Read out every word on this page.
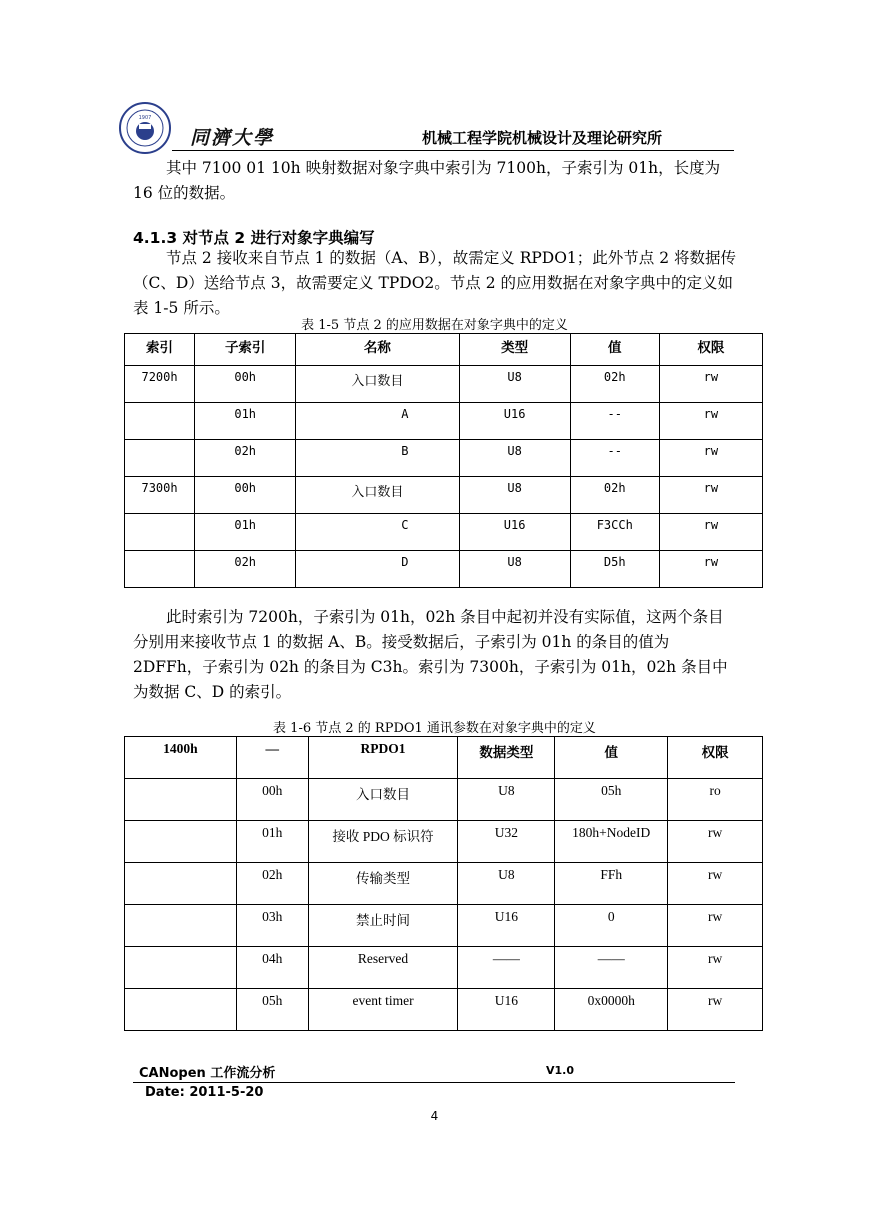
1907
同濟大學	机械工程学院机械设计及理论研究所
其中 7100 01 10h 映射数据对象字典中索引为 7100h，子索引为 01h，长度为 16 位的数据。
4.1.3 对节点 2 进行对象字典编写
节点 2 接收来自节点 1 的数据（A、B），故需定义 RPDO1；此外节点 2 将数据传（C、D）送给节点 3，故需要定义 TPDO2。节点 2 的应用数据在对象字典中的定义如表 1-5 所示。
表 1-5 节点 2 的应用数据在对象字典中的定义
索引	子索引	名称	类型	值	权限
7200h	00h	入口数目	U8	02h	rw
	01h	A	U16	--	rw
	02h	B	U8	--	rw
7300h	00h	入口数目	U8	02h	rw
	01h	C	U16	F3CCh	rw
	02h	D	U8	D5h	rw
此时索引为 7200h，子索引为 01h，02h 条目中起初并没有实际值，这两个条目分别用来接收节点 1 的数据 A、B。接受数据后，子索引为 01h 的条目的值为 2DFFh，子索引为 02h 的条目为 C3h。索引为 7300h，子索引为 01h，02h 条目中为数据 C、D 的索引。
表 1-6 节点 2 的 RPDO1 通讯参数在对象字典中的定义
1400h	—	RPDO1	数据类型	值	权限
	00h	入口数目	U8	05h	ro
	01h	接收 PDO 标识符	U32	180h+NodeID	rw
	02h	传输类型	U8	FFh	rw
	03h	禁止时间	U16	0	rw
	04h	Reserved	——	——	rw
	05h	event timer	U16	0x0000h	rw
CANopen 工作流分析	V1.0
Date: 2011-5-20
4
